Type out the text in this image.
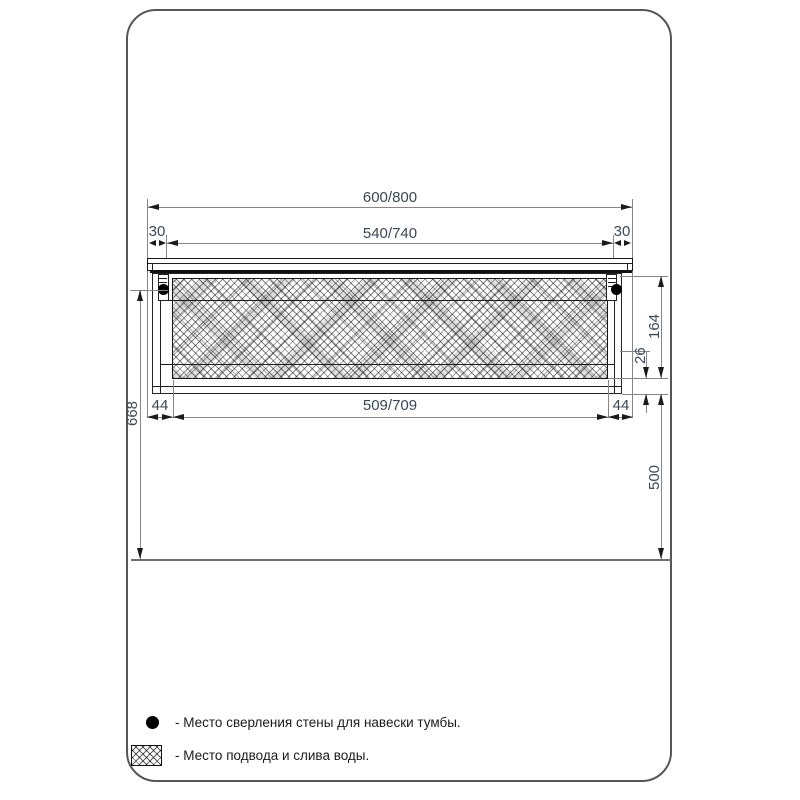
600/800
540/740
30	30
668
164
26
500
44	509/709	44
- Место сверления стены для навески тумбы.
- Место подвода и слива воды.
